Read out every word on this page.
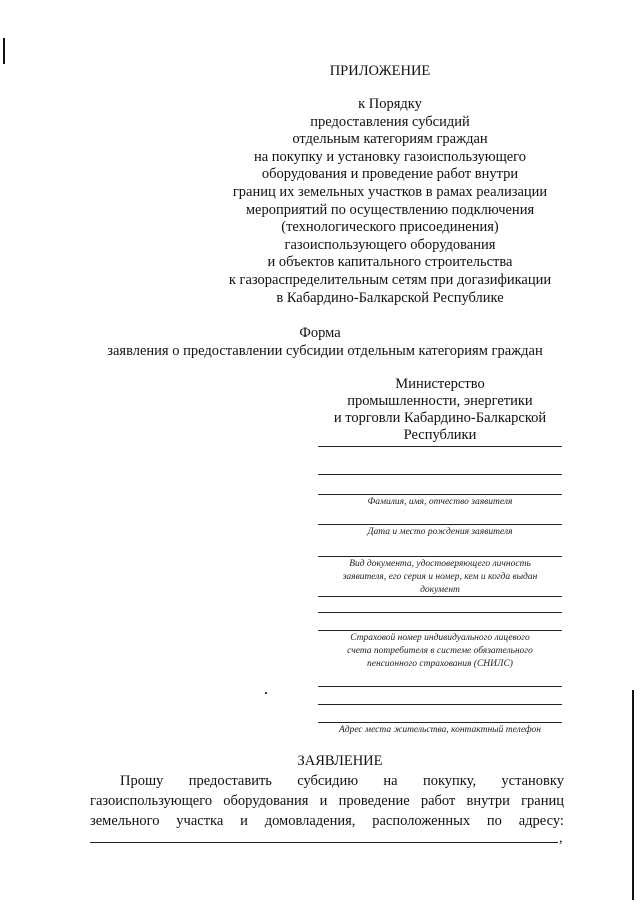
ПРИЛОЖЕНИЕ
к Порядку
предоставления субсидий
отдельным категориям граждан
на покупку и установку газоиспользующего
оборудования и проведение работ внутри
границ их земельных участков в рамах реализации
мероприятий по осуществлению подключения
(технологического присоединения)
газоиспользующего оборудования
и объектов капитального строительства
к газораспределительным сетям при догазификации
в Кабардино-Балкарской Республике
Форма
заявления о предоставлении субсидии отдельным категориям граждан
Министерство
промышленности, энергетики
и торговли Кабардино-Балкарской
Республики
Фамилия, имя, отчество заявителя
Дата и место рождения заявителя
Вид документа, удостоверяющего личность
заявителя, его серия и номер, кем и когда выдан
документ
Страховой номер индивидуального лицевого
счета потребителя в системе обязательного
пенсионного страхования (СНИЛС)
Адрес места жительства, контактный телефон
ЗАЯВЛЕНИЕ
Прошу предоставить субсидию на покупку, установку
газоиспользующего оборудования и проведение работ внутри границ
земельного участка и домовладения, расположенных по адресу:
,
